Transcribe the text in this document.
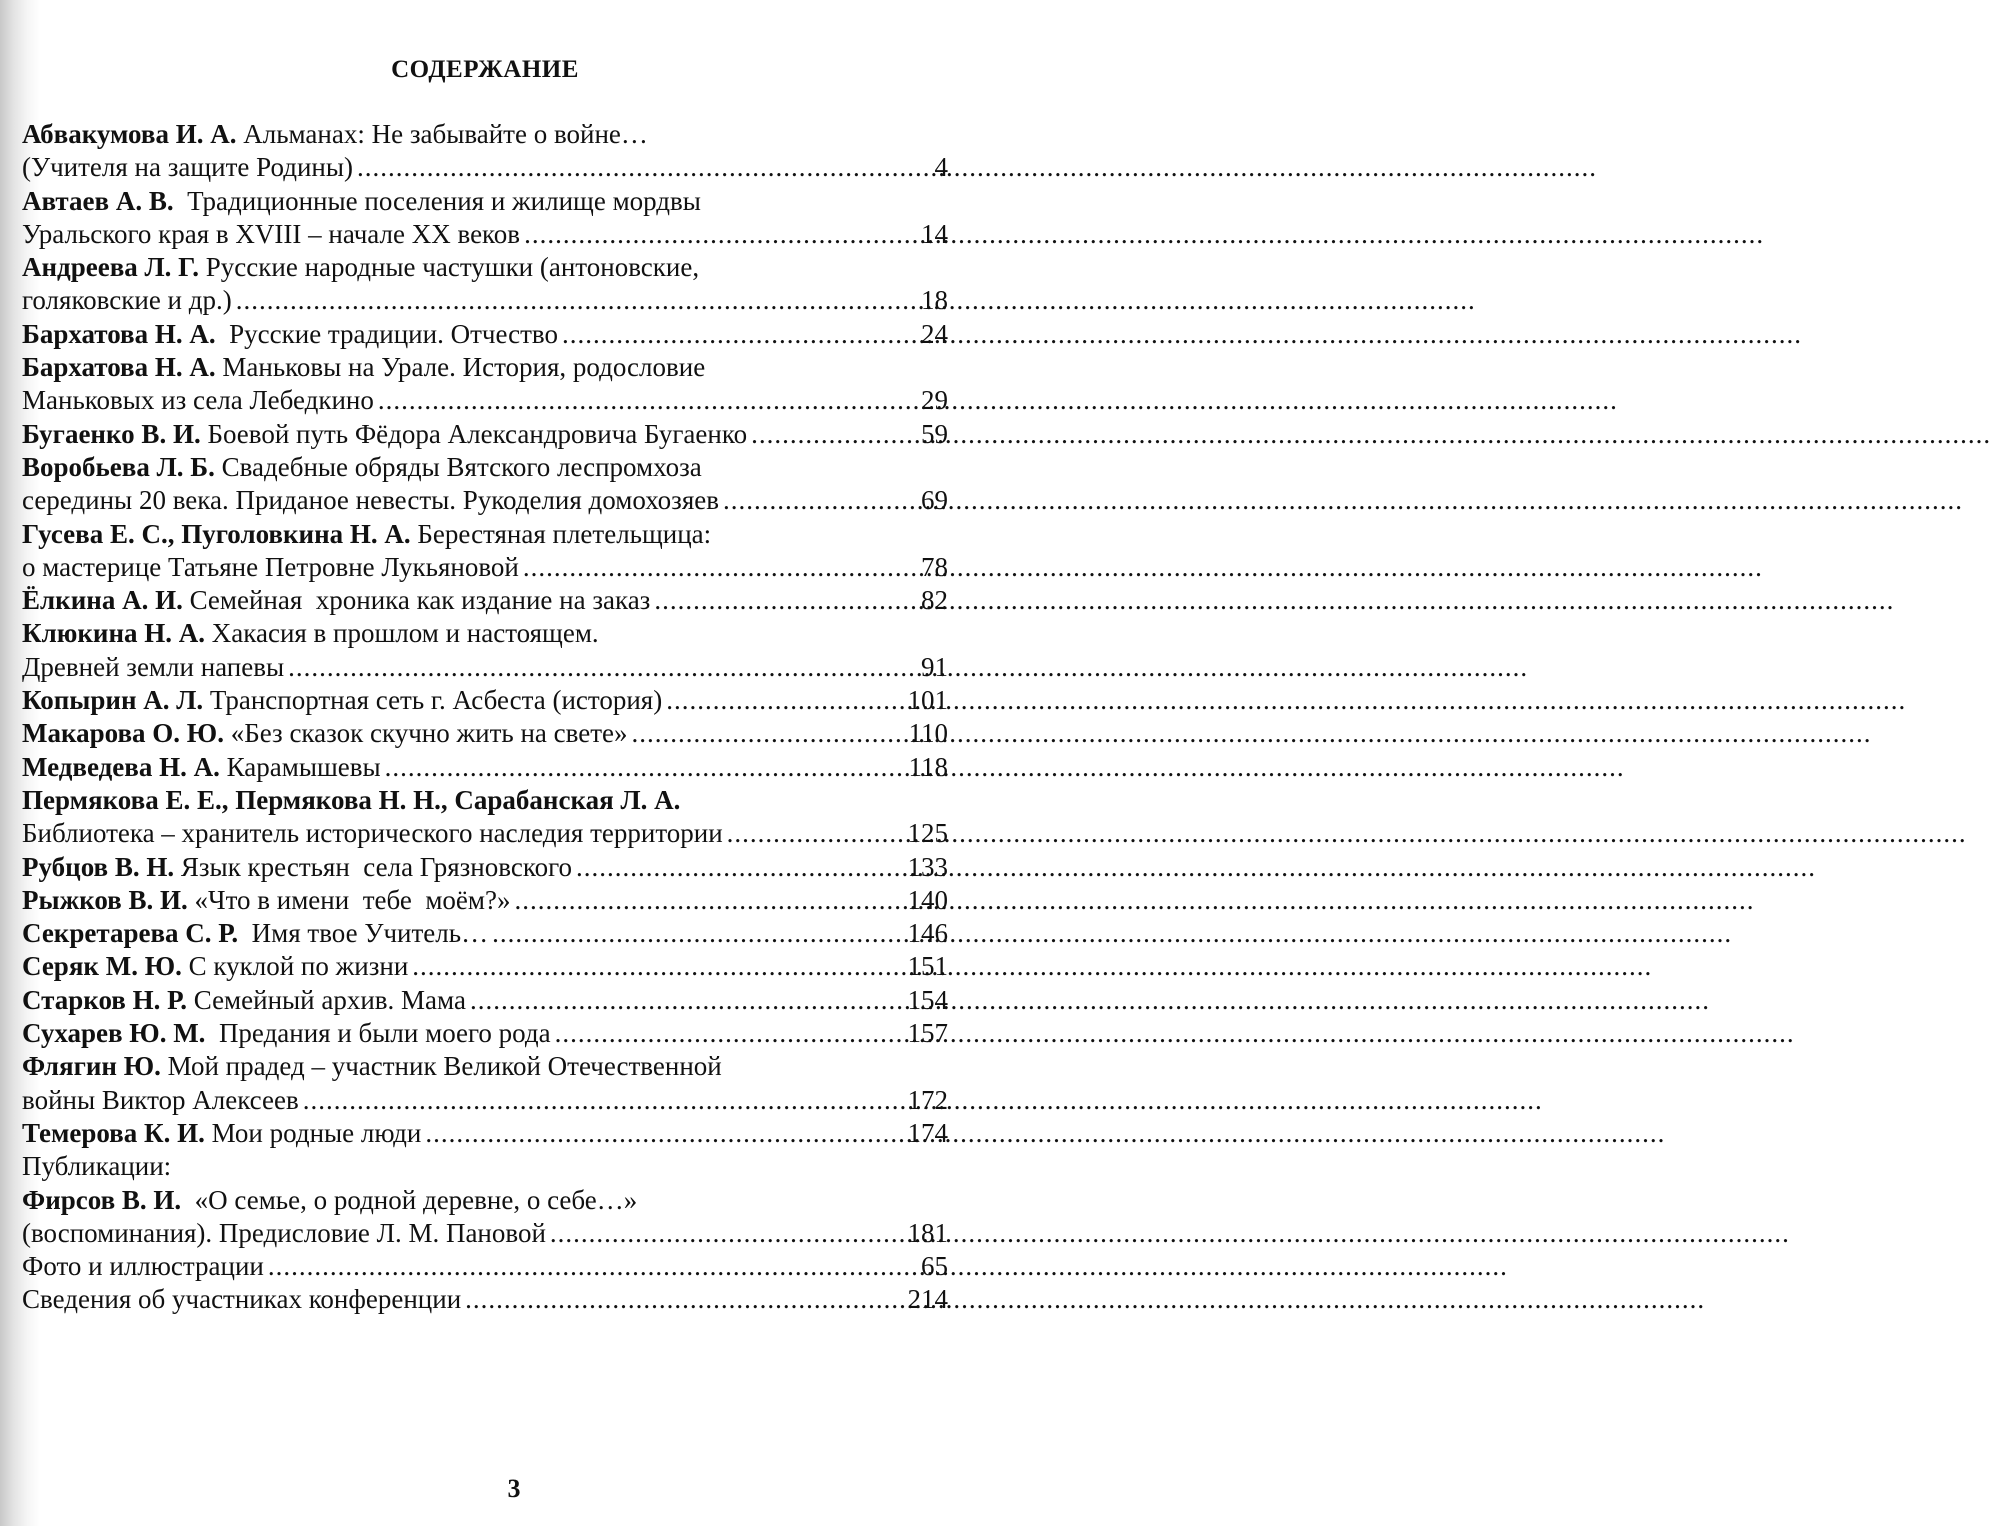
СОДЕРЖАНИЕ
Абвакумова И. А. Альманах: Не забывайте о войне…
(Учителя на защите Родины) .....	4
Автаев А. В.  Традиционные поселения и жилище мордвы
Уральского края в XVIII – начале XX веков .....	14
Андреева Л. Г. Русские народные частушки (антоновские,
голяковские и др.) .....	18
Бархатова Н. А.  Русские традиции. Отчество .....	24
Бархатова Н. А. Маньковы на Урале. История, родословие
Маньковых из села Лебедкино .....	29
Бугаенко В. И. Боевой путь Фёдора Александровича Бугаенко .....	59
Воробьева Л. Б. Свадебные обряды Вятского леспромхоза
середины 20 века. Приданое невесты. Рукоделия домохозяев .....	69
Гусева Е. С., Пуголовкина Н. А. Берестяная плетельщица:
о мастерице Татьяне Петровне Лукьяновой .....	78
Ёлкина А. И. Семейная  хроника как издание на заказ .....	82
Клюкина Н. А. Хакасия в прошлом и настоящем.
Древней земли напевы .....	91
Копырин А. Л. Транспортная сеть г. Асбеста (история) .....	101
Макарова О. Ю. «Без сказок скучно жить на свете» .....	110
Медведева Н. А. Карамышевы .....	118
Пермякова Е. Е., Пермякова Н. Н., Сарабанская Л. А.
Библиотека – хранитель исторического наследия территории .....	125
Рубцов В. Н. Язык крестьян  села Грязновского .....	133
Рыжков В. И. «Что в имени  тебе  моём?» .....	140
Секретарева С. Р.  Имя твое Учитель… .....	146
Серяк М. Ю. С куклой по жизни .....	151
Старков Н. Р. Семейный архив. Мама .....	154
Сухарев Ю. М.  Предания и были моего рода .....	157
Флягин Ю. Мой прадед – участник Великой Отечественной
войны Виктор Алексеев .....	172
Темерова К. И. Мои родные люди .....	174
Публикации:
Фирсов В. И.  «О семье, о родной деревне, о себе…»
(воспоминания). Предисловие Л. М. Пановой .....	181
Фото и иллюстрации .....	65
Сведения об участниках конференции .....	214
3
